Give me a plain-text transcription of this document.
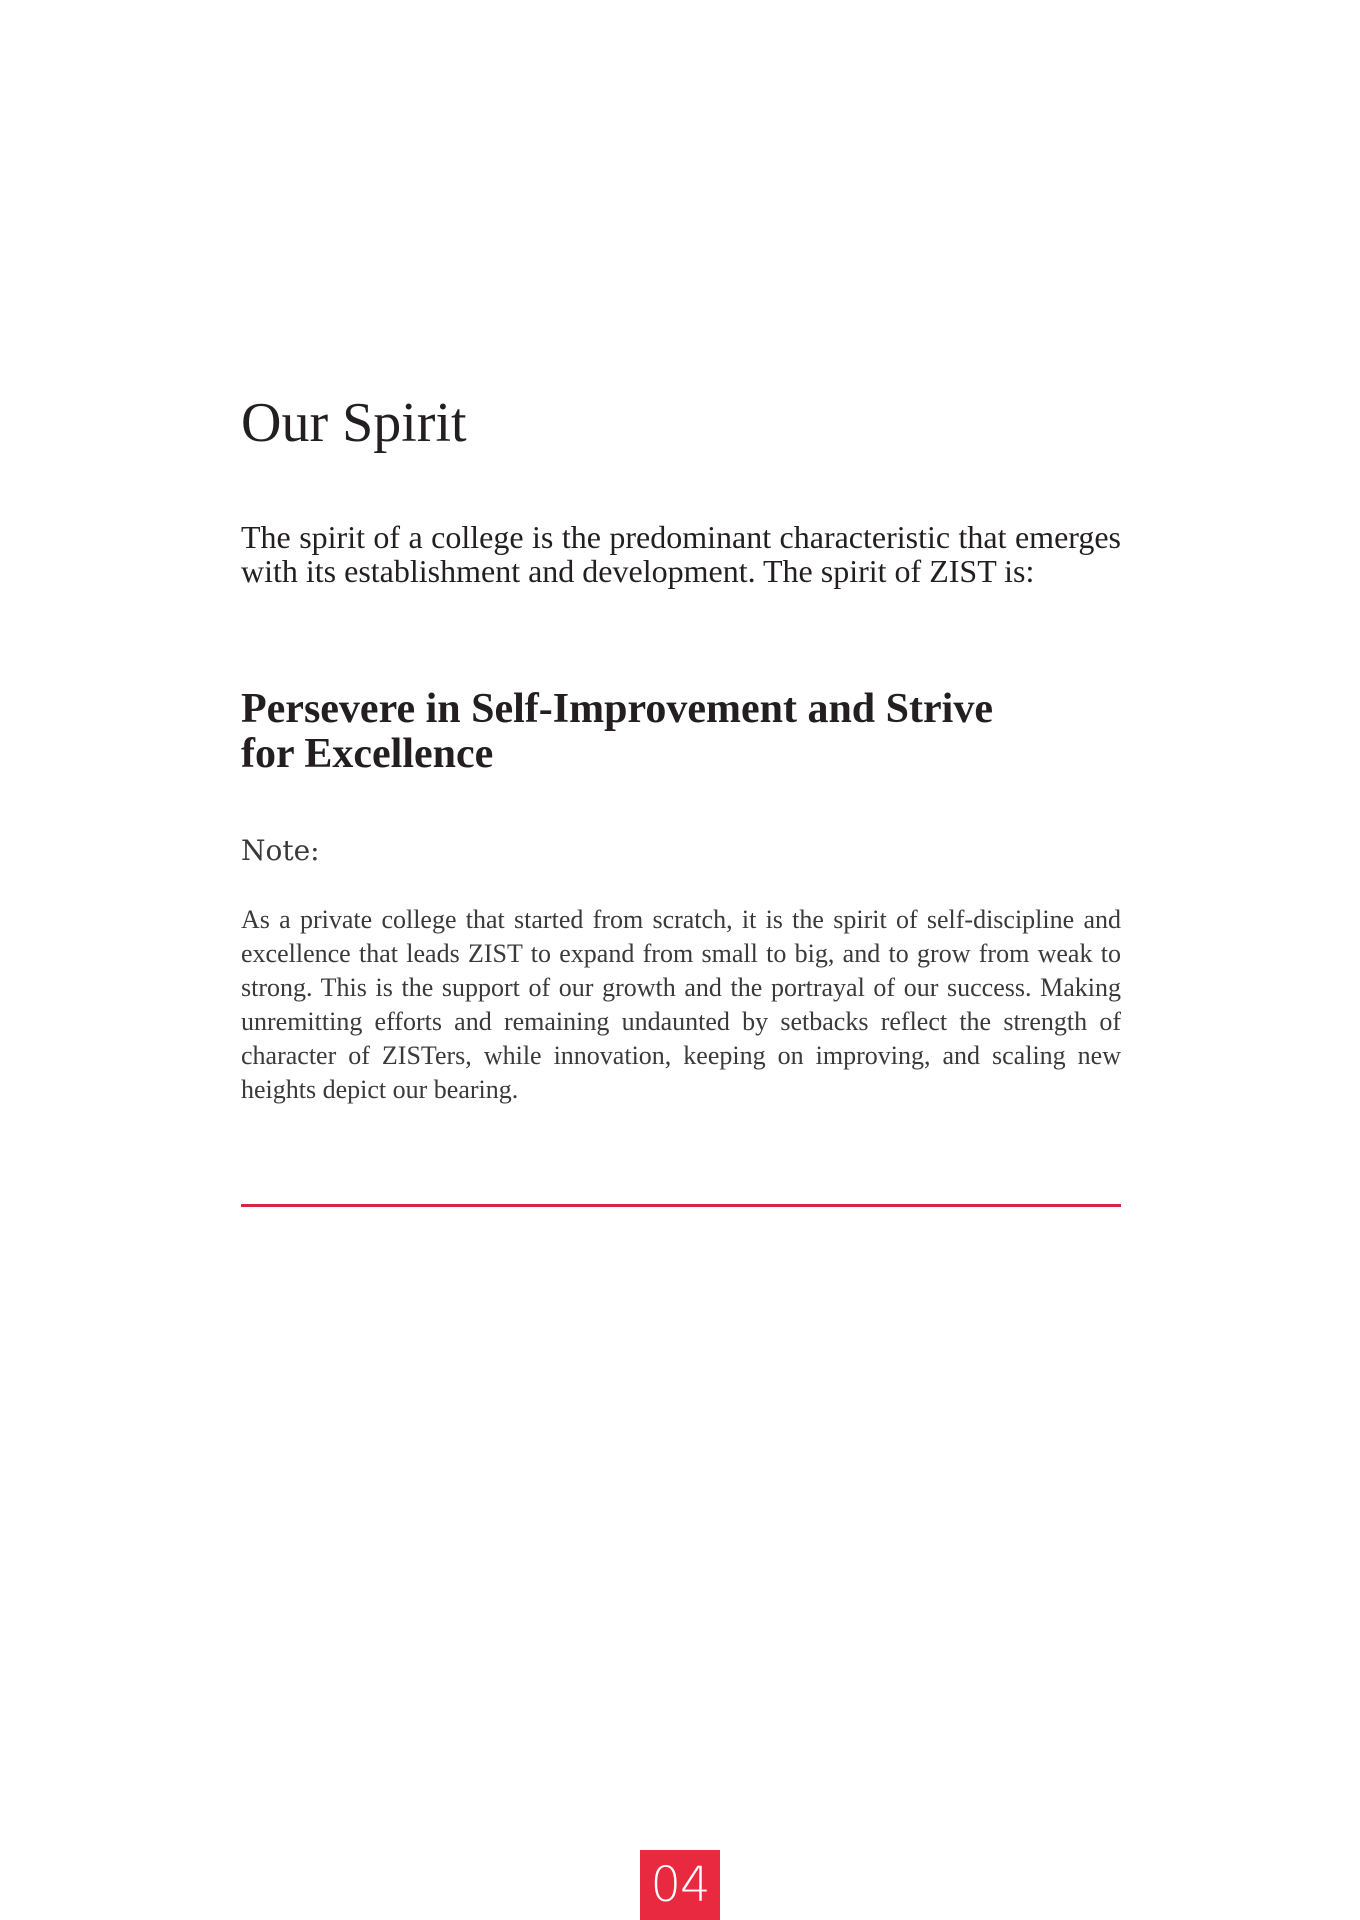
Our Spirit

The spirit of a college is the predominant characteristic that emerges with its establishment and development. The spirit of ZIST is:

Persevere in Self-Improvement and Strive
for Excellence

Note:

As a private college that started from scratch, it is the spirit of self-discipline and excellence that leads ZIST to expand from small to big, and to grow from weak to strong. This is the support of our growth and the portrayal of our success. Making unremitting efforts and remaining undaunted by setbacks reflect the strength of character of ZISTers, while innovation, keeping on improving, and scaling new heights depict our bearing.

04
